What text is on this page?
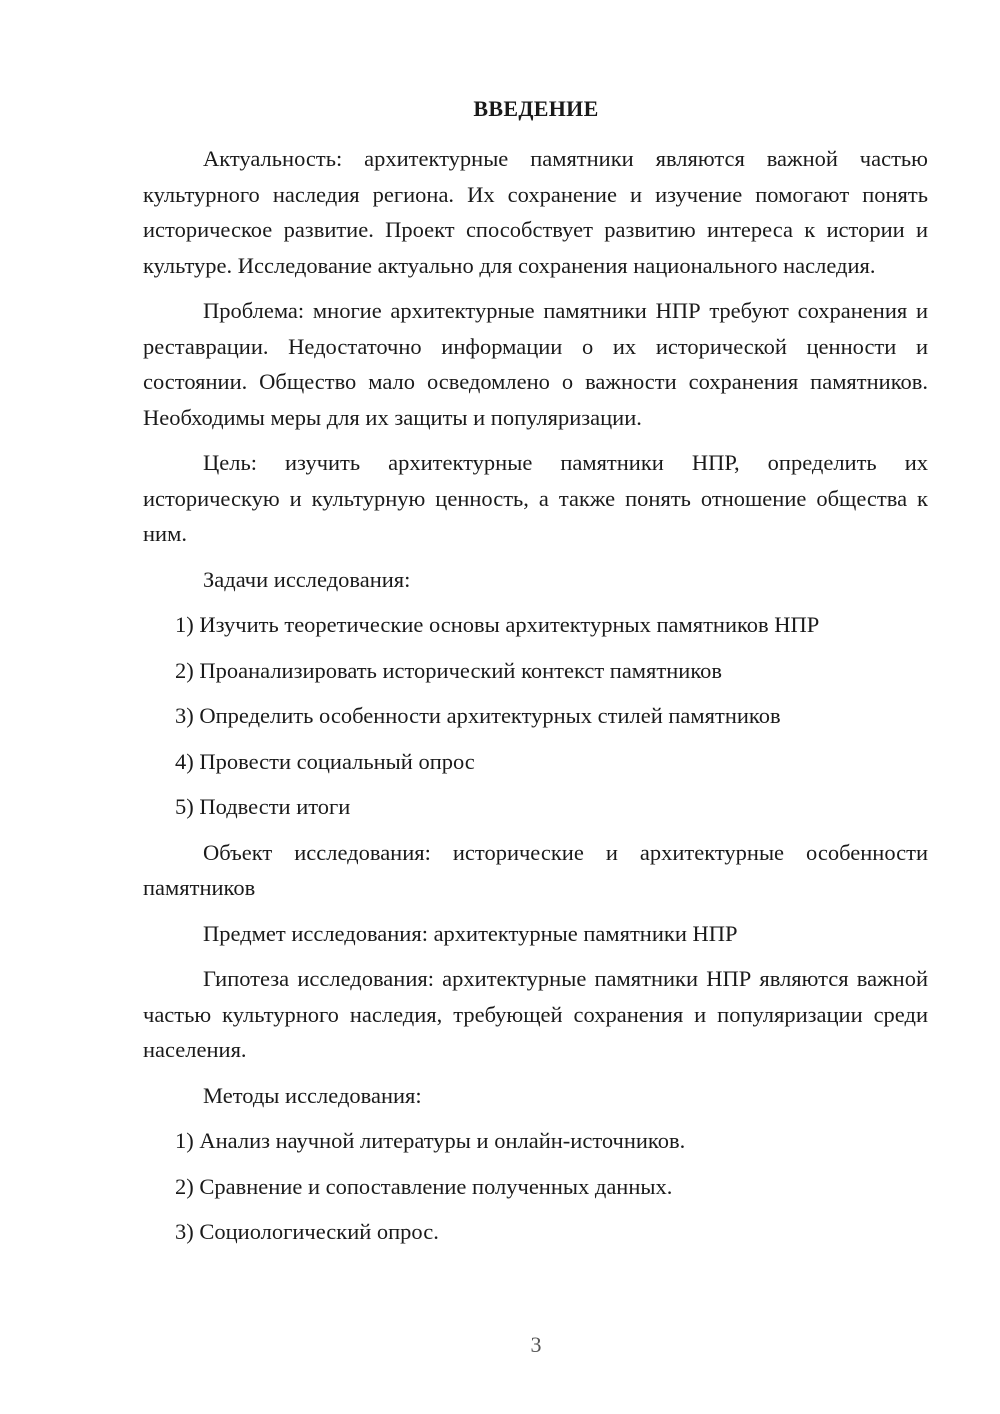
ВВЕДЕНИЕ

Актуальность: архитектурные памятники являются важной частью культурного наследия региона. Их сохранение и изучение помогают понять историческое развитие. Проект способствует развитию интереса к истории и культуре. Исследование актуально для сохранения национального наследия.

Проблема: многие архитектурные памятники НПР требуют сохранения и реставрации. Недостаточно информации о их исторической ценности и состоянии. Общество мало осведомлено о важности сохранения памятников. Необходимы меры для их защиты и популяризации.

Цель: изучить архитектурные памятники НПР, определить их историческую и культурную ценность, а также понять отношение общества к ним.

Задачи исследования:
1) Изучить теоретические основы архитектурных памятников НПР
2) Проанализировать исторический контекст памятников
3) Определить особенности архитектурных стилей памятников
4) Провести социальный опрос
5) Подвести итоги

Объект исследования: исторические и архитектурные особенности памятников

Предмет исследования: архитектурные памятники НПР

Гипотеза исследования: архитектурные памятники НПР являются важной частью культурного наследия, требующей сохранения и популяризации среди населения.

Методы исследования:
1) Анализ научной литературы и онлайн-источников.
2) Сравнение и сопоставление полученных данных.
3) Социологический опрос.
3
